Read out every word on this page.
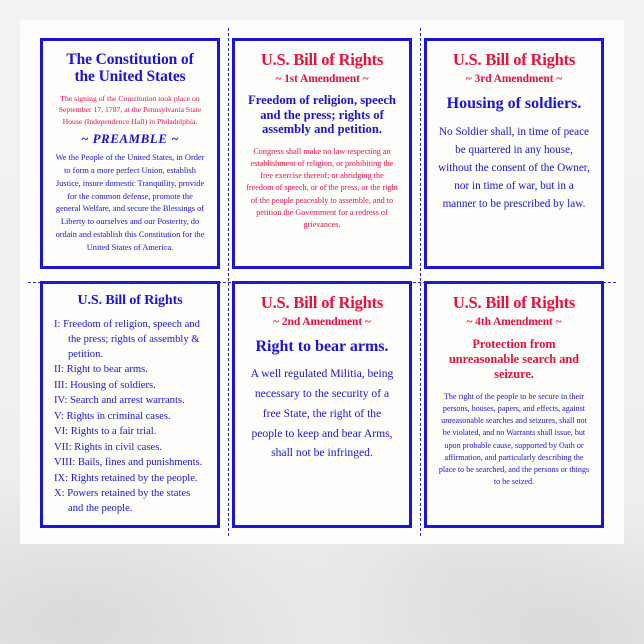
The Constitution of
the United States
The signing of the Constitution took place on September 17, 1787, at the Pennsylvania State House (Independence Hall) in Philadelphia.
~ PREAMBLE ~
We the People of the United States, in Order to form a more perfect Union, establish Justice, insure domestic Tranquility, provide for the common defense, promote the general Welfare, and secure the Blessings of Liberty to ourselves and our Posterity, do ordain and establish this Constitution for the United States of America.
U.S. Bill of Rights
~ 1st Amendment ~
Freedom of religion, speech and the press; rights of assembly and petition.
Congress shall make no law respecting an establishment of religion, or prohibiting the free exercise thereof; or abridging the freedom of speech, or of the press, or the right of the people peaceably to assemble, and to petition the Government for a redress of grievances.
U.S. Bill of Rights
~ 3rd Amendment ~
Housing of soldiers.
No Soldier shall, in time of peace be quartered in any house, without the consent of the Owner, nor in time of war, but in a manner to be prescribed by law.
U.S. Bill of Rights
I: Freedom of religion, speech and the press; rights of assembly & petition.
II: Right to bear arms.
III: Housing of soldiers.
IV: Search and arrest warrants.
V: Rights in criminal cases.
VI: Rights to a fair trial.
VII: Rights in civil cases.
VIII: Bails, fines and punishments.
IX: Rights retained by the people.
X: Powers retained by the states and the people.
U.S. Bill of Rights
~ 2nd Amendment ~
Right to bear arms.
A well regulated Militia, being necessary to the security of a free State, the right of the people to keep and bear Arms, shall not be infringed.
U.S. Bill of Rights
~ 4th Amendment ~
Protection from unreasonable search and seizure.
The right of the people to be secure in their persons, houses, papers, and effects, against unreasonable searches and seizures, shall not be violated, and no Warrants shall issue, but upon probable cause, supported by Oath or affirmation, and particularly describing the place to be searched, and the persons or things to be seized.
